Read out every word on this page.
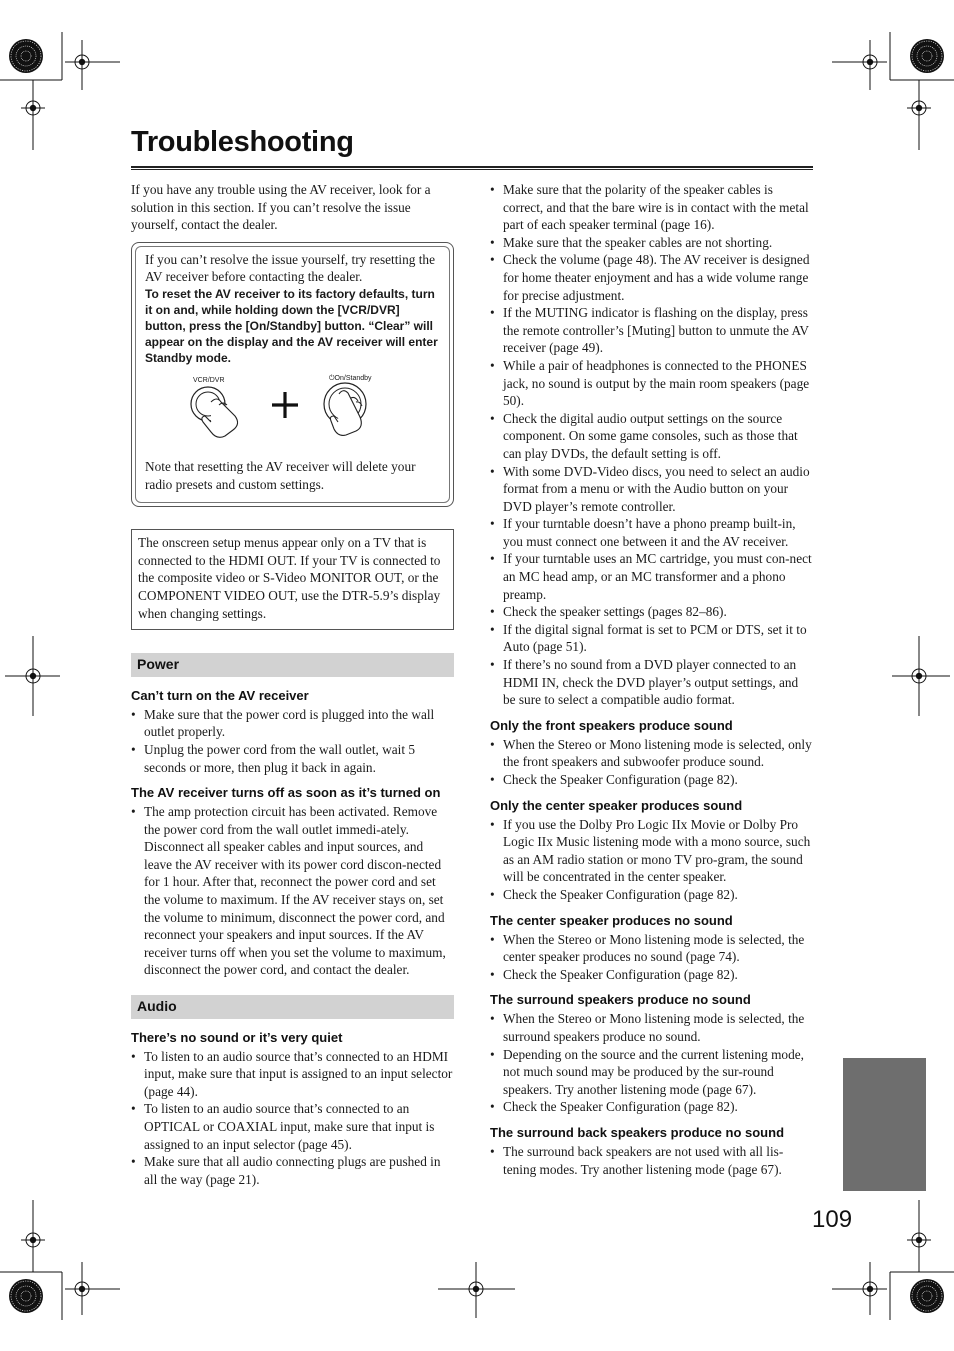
Troubleshooting

If you have any trouble using the AV receiver, look for a solution in this section. If you can’t resolve the issue yourself, contact the dealer.

If you can’t resolve the issue yourself, try resetting the AV receiver before contacting the dealer.

To reset the AV receiver to its factory defaults, turn it on and, while holding down the [VCR/DVR] button, press the [On/Standby] button. “Clear” will appear on the display and the AV receiver will enter Standby mode.

VCR/DVR	⏻On/Standby

Note that resetting the AV receiver will delete your radio presets and custom settings.

The onscreen setup menus appear only on a TV that is connected to the HDMI OUT. If your TV is connected to the composite video or S-Video MONITOR OUT, or the COMPONENT VIDEO OUT, use the DTR-5.9’s display when changing settings.

Power
Can’t turn on the AV receiver
• Make sure that the power cord is plugged into the wall outlet properly.
• Unplug the power cord from the wall outlet, wait 5 seconds or more, then plug it back in again.
The AV receiver turns off as soon as it’s turned on
• The amp protection circuit has been activated. Remove the power cord from the wall outlet immedi-ately. Disconnect all speaker cables and input sources, and leave the AV receiver with its power cord discon-nected for 1 hour. After that, reconnect the power cord and set the volume to maximum. If the AV receiver stays on, set the volume to minimum, disconnect the power cord, and reconnect your speakers and input sources. If the AV receiver turns off when you set the volume to maximum, disconnect the power cord, and contact the dealer.
Audio
There’s no sound or it’s very quiet
• To listen to an audio source that’s connected to an HDMI input, make sure that input is assigned to an input selector (page 44).
• To listen to an audio source that’s connected to an OPTICAL or COAXIAL input, make sure that input is assigned to an input selector (page 45).
• Make sure that all audio connecting plugs are pushed in all the way (page 21).
• Make sure that the polarity of the speaker cables is correct, and that the bare wire is in contact with the metal part of each speaker terminal (page 16).
• Make sure that the speaker cables are not shorting.
• Check the volume (page 48). The AV receiver is designed for home theater enjoyment and has a wide volume range for precise adjustment.
• If the MUTING indicator is flashing on the display, press the remote controller’s [Muting] button to unmute the AV receiver (page 49).
• While a pair of headphones is connected to the PHONES jack, no sound is output by the main room speakers (page 50).
• Check the digital audio output settings on the source component. On some game consoles, such as those that can play DVDs, the default setting is off.
• With some DVD-Video discs, you need to select an audio format from a menu or with the Audio button on your DVD player’s remote controller.
• If your turntable doesn’t have a phono preamp built-in, you must connect one between it and the AV receiver.
• If your turntable uses an MC cartridge, you must con-nect an MC head amp, or an MC transformer and a phono preamp.
• Check the speaker settings (pages 82–86).
• If the digital signal format is set to PCM or DTS, set it to Auto (page 51).
• If there’s no sound from a DVD player connected to an HDMI IN, check the DVD player’s output settings, and be sure to select a compatible audio format.
Only the front speakers produce sound
• When the Stereo or Mono listening mode is selected, only the front speakers and subwoofer produce sound.
• Check the Speaker Configuration (page 82).
Only the center speaker produces sound
• If you use the Dolby Pro Logic IIx Movie or Dolby Pro Logic IIx Music listening mode with a mono source, such as an AM radio station or mono TV pro-gram, the sound will be concentrated in the center speaker.
• Check the Speaker Configuration (page 82).
The center speaker produces no sound
• When the Stereo or Mono listening mode is selected, the center speaker produces no sound (page 74).
• Check the Speaker Configuration (page 82).
The surround speakers produce no sound
• When the Stereo or Mono listening mode is selected, the surround speakers produce no sound.
• Depending on the source and the current listening mode, not much sound may be produced by the sur-round speakers. Try another listening mode (page 67).
• Check the Speaker Configuration (page 82).
The surround back speakers produce no sound
• The surround back speakers are not used with all lis-tening modes. Try another listening mode (page 67).
109
